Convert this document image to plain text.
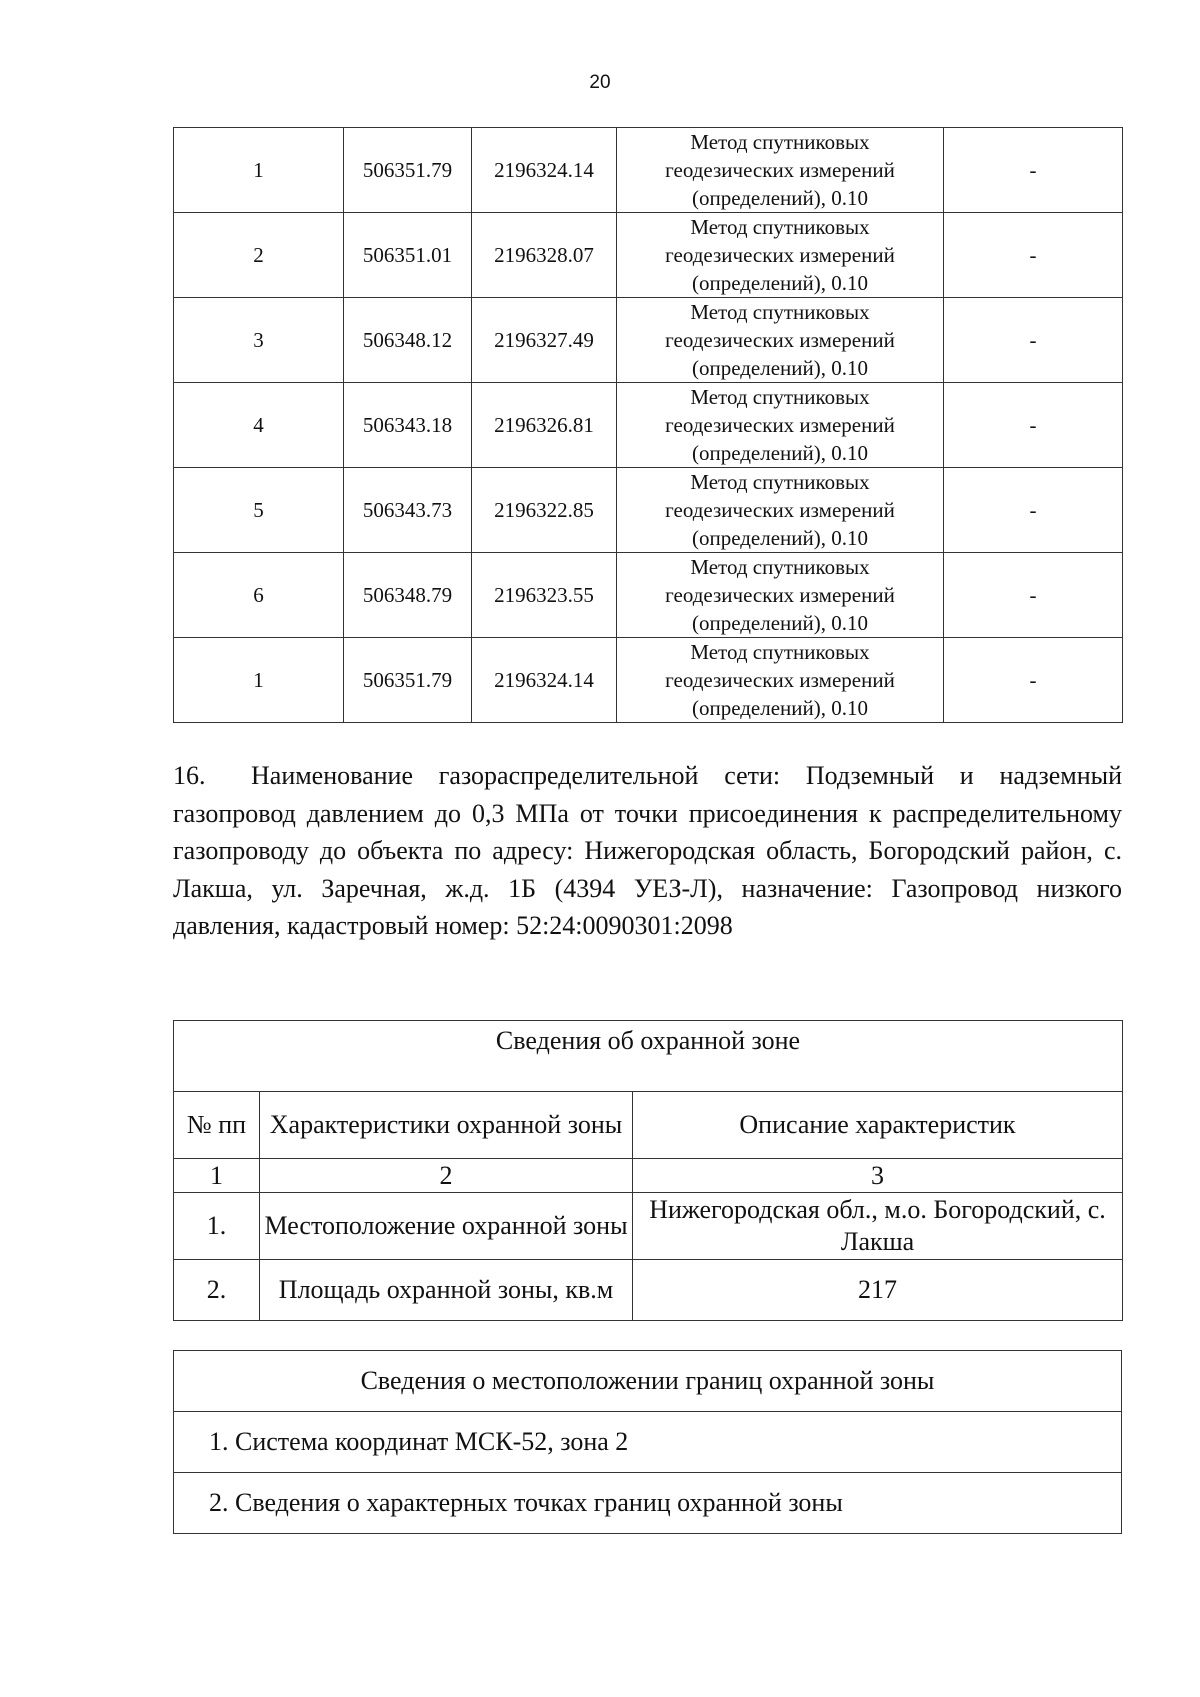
20
1	506351.79	2196324.14	Метод спутниковых
геодезических измерений
(определений), 0.10	-
2	506351.01	2196328.07	Метод спутниковых
геодезических измерений
(определений), 0.10	-
3	506348.12	2196327.49	Метод спутниковых
геодезических измерений
(определений), 0.10	-
4	506343.18	2196326.81	Метод спутниковых
геодезических измерений
(определений), 0.10	-
5	506343.73	2196322.85	Метод спутниковых
геодезических измерений
(определений), 0.10	-
6	506348.79	2196323.55	Метод спутниковых
геодезических измерений
(определений), 0.10	-
1	506351.79	2196324.14	Метод спутниковых
геодезических измерений
(определений), 0.10	-

16. Наименование газораспределительной сети: Подземный и надземный газопровод давлением до 0,3 МПа от точки присоединения к распределительному газопроводу до объекта по адресу: Нижегородская область, Богородский район, с. Лакша, ул. Заречная, ж.д. 1Б (4394 УЕЗ-Л), назначение: Газопровод низкого давления, кадастровый номер: 52:24:0090301:2098

Сведения об охранной зоне		
№ пп	Характеристики охранной зоны	Описание характеристик
1	2	3
1.	Местоположение охранной зоны	Нижегородская обл., м.о. Богородский, с. Лакша
2.	Площадь охранной зоны, кв.м	217
Сведения о местоположении границ охранной зоны
1. Система координат МСК-52, зона 2
2. Сведения о характерных точках границ охранной зоны
